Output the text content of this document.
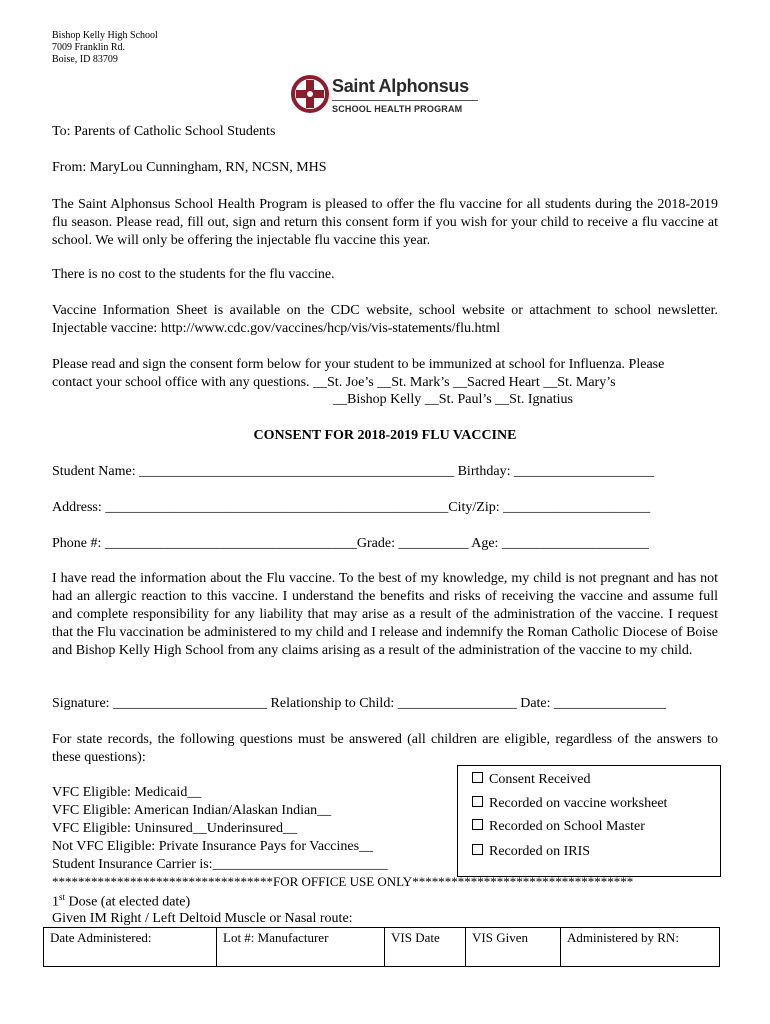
Bishop Kelly High School
7009 Franklin Rd.
Boise, ID 83709
Saint Alphonsus
SCHOOL HEALTH PROGRAM
To: Parents of Catholic School Students
From: MaryLou Cunningham, RN, NCSN, MHS
The Saint Alphonsus School Health Program is pleased to offer the flu vaccine for all students during the 2018-2019 flu season. Please read, fill out, sign and return this consent form if you wish for your child to receive a flu vaccine at school. We will only be offering the injectable flu vaccine this year.
There is no cost to the students for the flu vaccine.
Vaccine Information Sheet is available on the CDC website, school website or attachment to school newsletter. Injectable vaccine: http://www.cdc.gov/vaccines/hcp/vis/vis-statements/flu.html
Please read and sign the consent form below for your student to be immunized at school for Influenza. Please
contact your school office with any questions. __St. Joe’s __St. Mark’s __Sacred Heart __St. Mary’s
__Bishop Kelly __St. Paul’s __St. Ignatius
CONSENT FOR 2018-2019 FLU VACCINE
Student Name: _____________________________________________ Birthday: ____________________
Address: _________________________________________________City/Zip: _____________________
Phone #: ____________________________________Grade: __________ Age: _____________________
I have read the information about the Flu vaccine. To the best of my knowledge, my child is not pregnant and has not had an allergic reaction to this vaccine. I understand the benefits and risks of receiving the vaccine and assume full and complete responsibility for any liability that may arise as a result of the administration of the vaccine. I request that the Flu vaccination be administered to my child and I release and indemnify the Roman Catholic Diocese of Boise and Bishop Kelly High School from any claims arising as a result of the administration of the vaccine to my child.
Signature: ______________________ Relationship to Child: _________________ Date: ________________
For state records, the following questions must be answered (all children are eligible, regardless of the answers to these questions):
VFC Eligible: Medicaid__
VFC Eligible: American Indian/Alaskan Indian__
VFC Eligible: Uninsured__Underinsured__
Not VFC Eligible: Private Insurance Pays for Vaccines__
Student Insurance Carrier is:_________________________
Consent Received
Recorded on vaccine worksheet
Recorded on School Master
Recorded on IRIS
**********************************FOR OFFICE USE ONLY**********************************
1st Dose (at elected date)
Given IM Right / Left Deltoid Muscle or Nasal route:
Date Administered:	Lot #: Manufacturer	VIS Date	VIS Given	Administered by RN:
